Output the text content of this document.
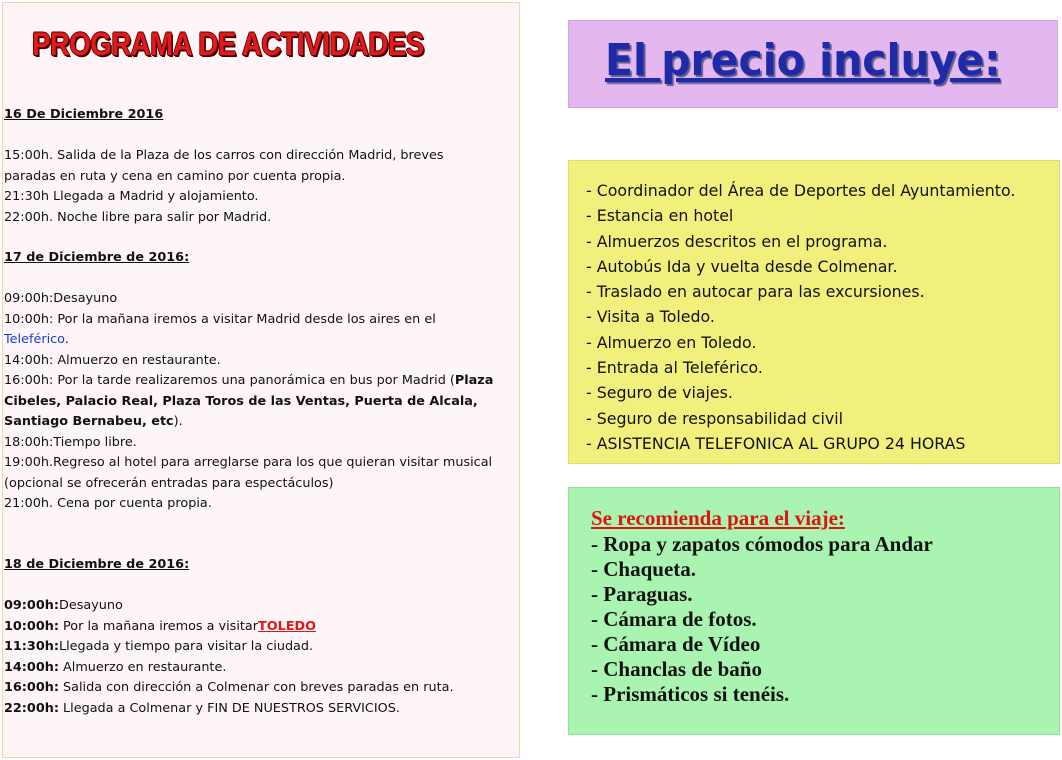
PROGRAMA DE ACTIVIDADES
16 De Diciembre 2016
15:00h. Salida de la Plaza de los carros con dirección Madrid, breves
paradas en ruta y cena en camino por cuenta propia.
21:30h Llegada a Madrid y alojamiento.
22:00h. Noche libre para salir por Madrid.
17 de Diciembre de 2016:
09:00h:Desayuno
10:00h: Por la mañana iremos a visitar Madrid desde los aires en el
Teleférico.
14:00h: Almuerzo en restaurante.
16:00h: Por la tarde realizaremos una panorámica en bus por Madrid (Plaza
Cibeles, Palacio Real, Plaza Toros de las Ventas, Puerta de Alcala,
Santiago Bernabeu, etc).
18:00h:Tiempo libre.
19:00h.Regreso al hotel para arreglarse para los que quieran visitar musical
(opcional se ofrecerán entradas para espectáculos)
21:00h. Cena por cuenta propia.
18 de Diciembre de 2016:
09:00h:Desayuno
10:00h: Por la mañana iremos a visitarTOLEDO
11:30h:Llegada y tiempo para visitar la ciudad.
14:00h: Almuerzo en restaurante.
16:00h: Salida con dirección a Colmenar con breves paradas en ruta.
22:00h: Llegada a Colmenar y FIN DE NUESTROS SERVICIOS.
El precio incluye:
- Coordinador del Área de Deportes del Ayuntamiento.
- Estancia en hotel
- Almuerzos descritos en el programa.
- Autobús Ida y vuelta desde Colmenar.
- Traslado en autocar para las excursiones.
- Visita a Toledo.
- Almuerzo en Toledo.
- Entrada al Teleférico.
- Seguro de viajes.
- Seguro de responsabilidad civil
- ASISTENCIA TELEFONICA AL GRUPO 24 HORAS
Se recomienda para el viaje:
- Ropa y zapatos cómodos para Andar
- Chaqueta.
- Paraguas.
- Cámara de fotos.
- Cámara de Vídeo
- Chanclas de baño
- Prismáticos si tenéis.
